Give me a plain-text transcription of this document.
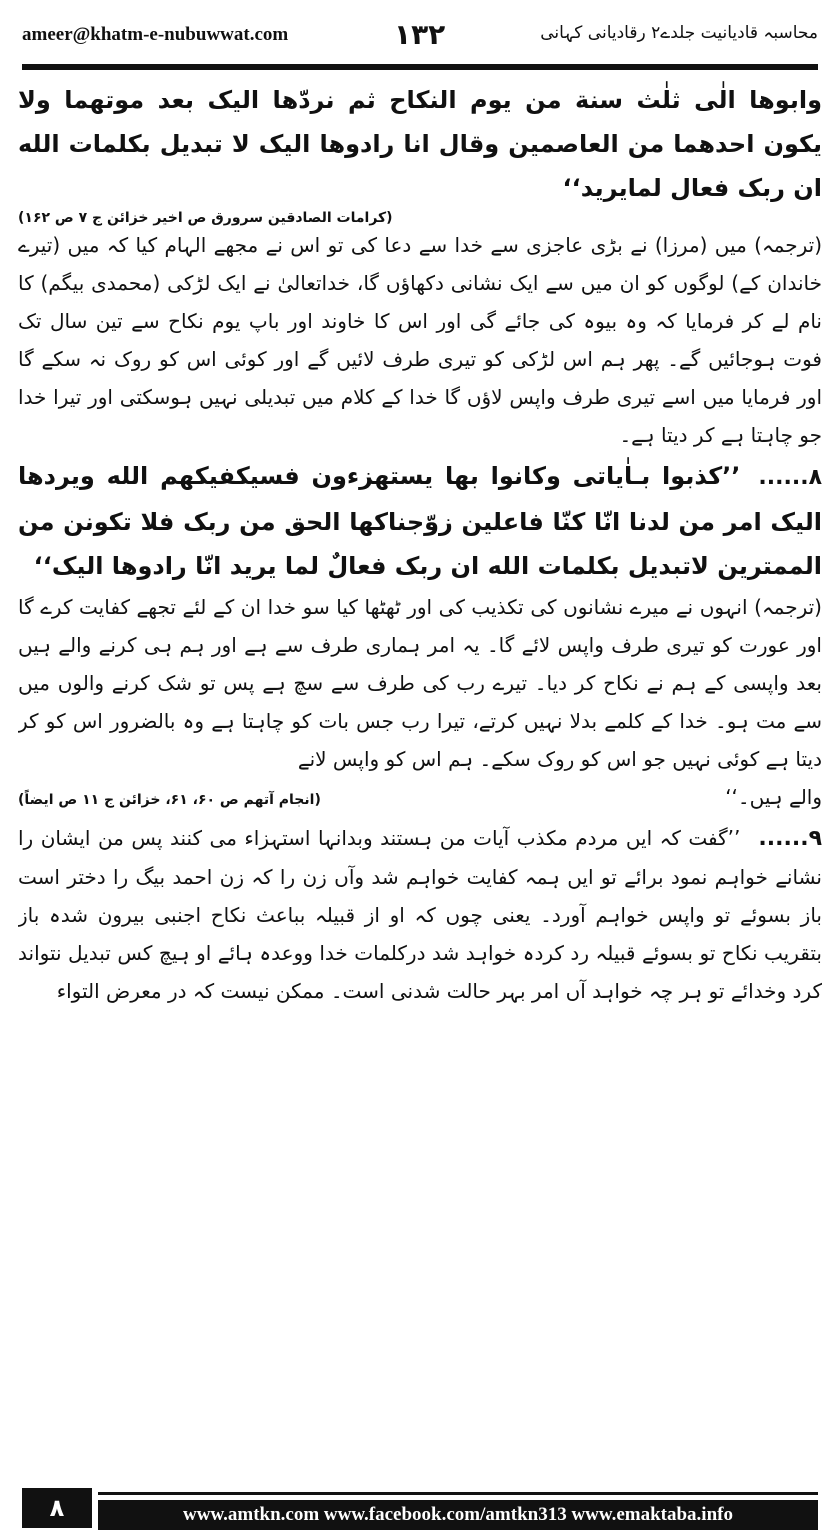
ameer@khatm-e-nubuwwat.com	۱۳۲	محاسبہ قادیانیت جلدے۲ رقادیانی کہانی

وابوها الٰی ثلٰث سنة من یوم النکاح ثم نردّها الیک بعد موتهما ولا یکون احدهما من العاصمین وقال انا رادوها الیک لا تبدیل بکلمات الله ان ربک فعال لمایرید‘‘

(کرامات الصادقین سرورق ص اخیر خزائن ج ۷ ص ۱۶۲)

(ترجمہ) میں (مرزا) نے بڑی عاجزی سے خدا سے دعا کی تو اس نے مجھے الہام کیا کہ میں (تیرے خاندان کے) لوگوں کو ان میں سے ایک نشانی دکھاؤں گا، خداتعالیٰ نے ایک لڑکی (محمدی بیگم) کا نام لے کر فرمایا کہ وہ بیوہ کی جائے گی اور اس کا خاوند اور باپ یوم نکاح سے تین سال تک فوت ہوجائیں گے۔ پھر ہم اس لڑکی کو تیری طرف لائیں گے اور کوئی اس کو روک نہ سکے گا اور فرمایا میں اسے تیری طرف واپس لاؤں گا خدا کے کلام میں تبدیلی نہیں ہوسکتی اور تیرا خدا جو چاہتا ہے کر دیتا ہے۔

۸......’’کذبوا بـاٰیاتی وکانوا بها یستهزءون فسیکفیکهم الله ویردها الیک امر من لدنا انّا کنّا فاعلین زوّجناکها الحق من ربک فلا تکونن من الممترین لاتبدیل بکلمات الله ان ربک فعالٌ لما یرید انّا رادوها الیک‘‘

(ترجمہ) انہوں نے میرے نشانوں کی تکذیب کی اور ٹھٹھا کیا سو خدا ان کے لئے تجھے کفایت کرے گا اور عورت کو تیری طرف واپس لائے گا۔ یہ امر ہماری طرف سے ہے اور ہم ہی کرنے والے ہیں بعد واپسی کے ہم نے نکاح کر دیا۔ تیرے رب کی طرف سے سچ ہے پس تو شک کرنے والوں میں سے مت ہو۔ خدا کے کلمے بدلا نہیں کرتے، تیرا رب جس بات کو چاہتا ہے وہ بالضرور اس کو کر دیتا ہے کوئی نہیں جو اس کو روک سکے۔ ہم اس کو واپس لانے

والے ہیں۔‘‘
(انجام آتھم ص ۶۰، ۶۱، خزائن ج ۱۱ ص ایضاً)

۹......’’گفت کہ ایں مردم مکذب آیات من ہستند وبدانہا استہزاء می کنند پس من ایشان را نشانے خواہم نمود برائے تو ایں ہمہ کفایت خواہم شد وآں زن را کہ زن احمد بیگ را دختر است باز بسوئے تو واپس خواہم آورد۔ یعنی چوں کہ او از قبیلہ بباعث نکاح اجنبی بیرون شدہ باز بتقریب نکاح تو بسوئے قبیلہ رد کردہ خواہد شد درکلمات خدا ووعدہ ہائے او ہیچ کس تبدیل نتواند کرد وخدائے تو ہر چہ خواہد آں امر بہر حالت شدنی است۔ ممکن نیست کہ در معرض التواء

۸	www.amtkn.com www.facebook.com/amtkn313 www.emaktaba.info
